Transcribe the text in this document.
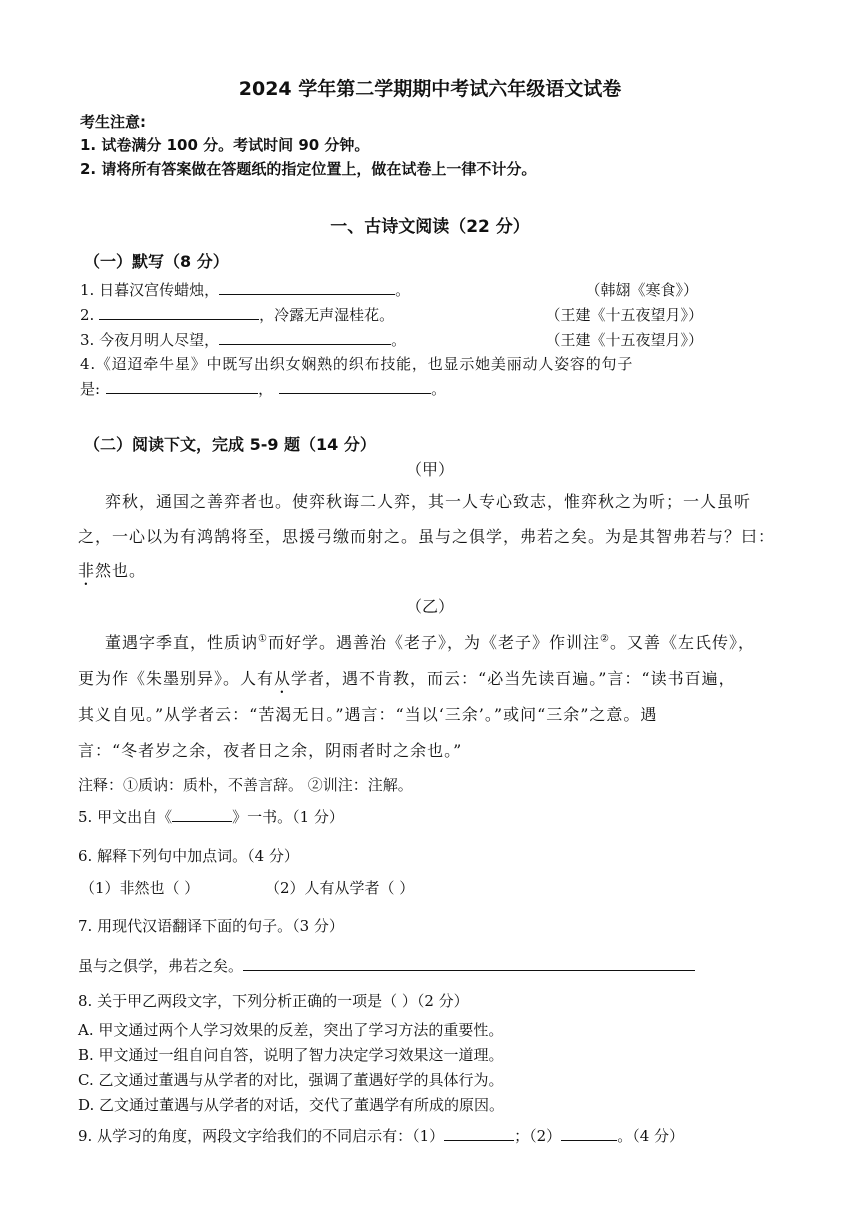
2024 学年第二学期期中考试六年级语文试卷
考生注意:
1. 试卷满分 100 分。考试时间 90 分钟。
2. 请将所有答案做在答题纸的指定位置上，做在试卷上一律不计分。
一、古诗文阅读（22 分）
（一）默写（8 分）
1. 日暮汉宫传蜡烛，	。	（韩翃《寒食》）
2.	，冷露无声湿桂花。	（王建《十五夜望月》）
3. 今夜月明人尽望，	。	（王建《十五夜望月》）
4.《迢迢牵牛星》中既写出织女娴熟的织布技能，也显示她美丽动人姿容的句子
是:	，	。
（二）阅读下文，完成 5-9 题（14 分）
（甲）
弈秋，通国之善弈者也。使弈秋诲二人弈，其一人专心致志，惟弈秋之为听；一人虽听
之，一心以为有鸿鹄将至，思援弓缴而射之。虽与之俱学，弗若之矣。为是其智弗若与？曰：
非然也。
（乙）
董遇字季直，性质讷①而好学。遇善治《老子》，为《老子》作训注②。又善《左氏传》，
更为作《朱墨别异》。人有从学者，遇不肯教，而云：“必当先读百遍。”言：“读书百遍，
其义自见。”从学者云：“苦渴无日。”遇言：“当以‘三余’。”或问“三余”之意。遇
言：“冬者岁之余，夜者日之余，阴雨者时之余也。”
注释：①质讷：质朴，不善言辞。 ②训注：注解。
5. 甲文出自《	》一书。（1 分）
6. 解释下列句中加点词。（4 分）
（1）非然也（ ）	（2）人有从学者（ ）
7. 用现代汉语翻译下面的句子。（3 分）
虽与之俱学，弗若之矣。
8. 关于甲乙两段文字，下列分析正确的一项是（ ）（2 分）
A. 甲文通过两个人学习效果的反差，突出了学习方法的重要性。
B. 甲文通过一组自问自答，说明了智力决定学习效果这一道理。
C. 乙文通过董遇与从学者的对比，强调了董遇好学的具体行为。
D. 乙文通过董遇与从学者的对话，交代了董遇学有所成的原因。
9. 从学习的角度，两段文字给我们的不同启示有：（1）	；（2）	。（4 分）
